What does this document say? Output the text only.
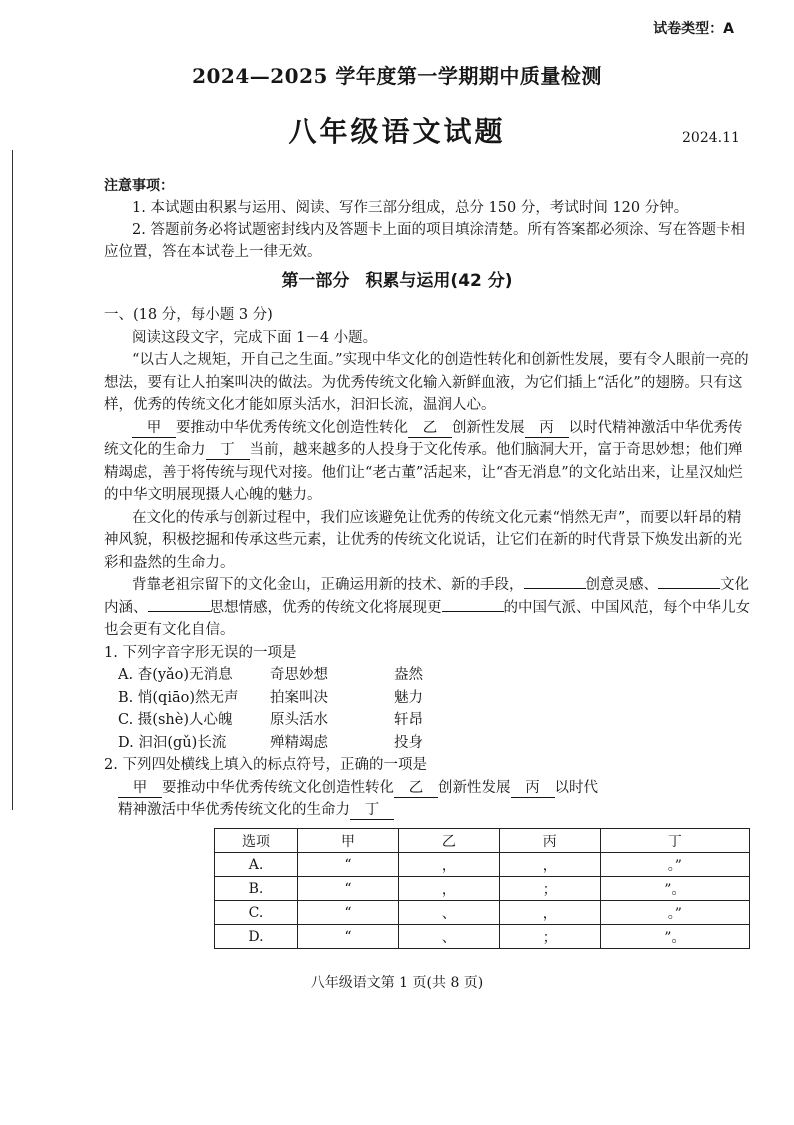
试卷类型：A
2024—2025 学年度第一学期期中质量检测
八年级语文试题	2024.11
注意事项：

1. 本试题由积累与运用、阅读、写作三部分组成，总分 150 分，考试时间 120 分钟。

2. 答题前务必将试题密封线内及答题卡上面的项目填涂清楚。所有答案都必须涂、写在答题卡相应位置，答在本试卷上一律无效。

第一部分 积累与运用(42 分)

一、(18 分，每小题 3 分)

阅读这段文字，完成下面 1－4 小题。

“以古人之规矩，开自己之生面。”实现中华文化的创造性转化和创新性发展，要有令人眼前一亮的想法，要有让人拍案叫决的做法。为优秀传统文化输入新鲜血液，为它们插上“活化”的翅膀。只有这样，优秀的传统文化才能如原头活水，汩汩长流，温润人心。

甲 要推动中华优秀传统文化创造性转化 乙 创新性发展 丙 以时代精神激活中华优秀传统文化的生命力 丁 当前，越来越多的人投身于文化传承。他们脑洞大开，富于奇思妙想；他们殚精竭虑，善于将传统与现代对接。他们让“老古董”活起来，让“杳无消息”的文化站出来，让星汉灿烂的中华文明展现摄人心魄的魅力。

在文化的传承与创新过程中，我们应该避免让优秀的传统文化元素“悄然无声”，而要以轩昂的精神风貌，积极挖掘和传承这些元素，让优秀的传统文化说话，让它们在新的时代背景下焕发出新的光彩和盎然的生命力。

背靠老祖宗留下的文化金山，正确运用新的技术、新的手段，	创意灵感、	文化内涵、	思想情感，优秀的传统文化将展现更	的中国气派、中国风范，每个中华儿女也会更有文化自信。

1. 下列字音字形无误的一项是

A. 杳(yǎo)无消息	奇思妙想	盎然
B. 悄(qiāo)然无声	拍案叫决	魅力
C. 摄(shè)人心魄	原头活水	轩昂
D. 汩汩(gǔ)长流	殚精竭虑	投身

2. 下列四处横线上填入的标点符号，正确的一项是

甲 要推动中华优秀传统文化创造性转化 乙 创新性发展 丙 以时代

精神激活中华优秀传统文化的生命力 丁

选项	甲	乙	丙	丁
A.	“	，	，	。”
B.	“	，	；	”。
C.	“	、	，	。”
D.	“	、	；	”。
八年级语文第 1 页(共 8 页)
